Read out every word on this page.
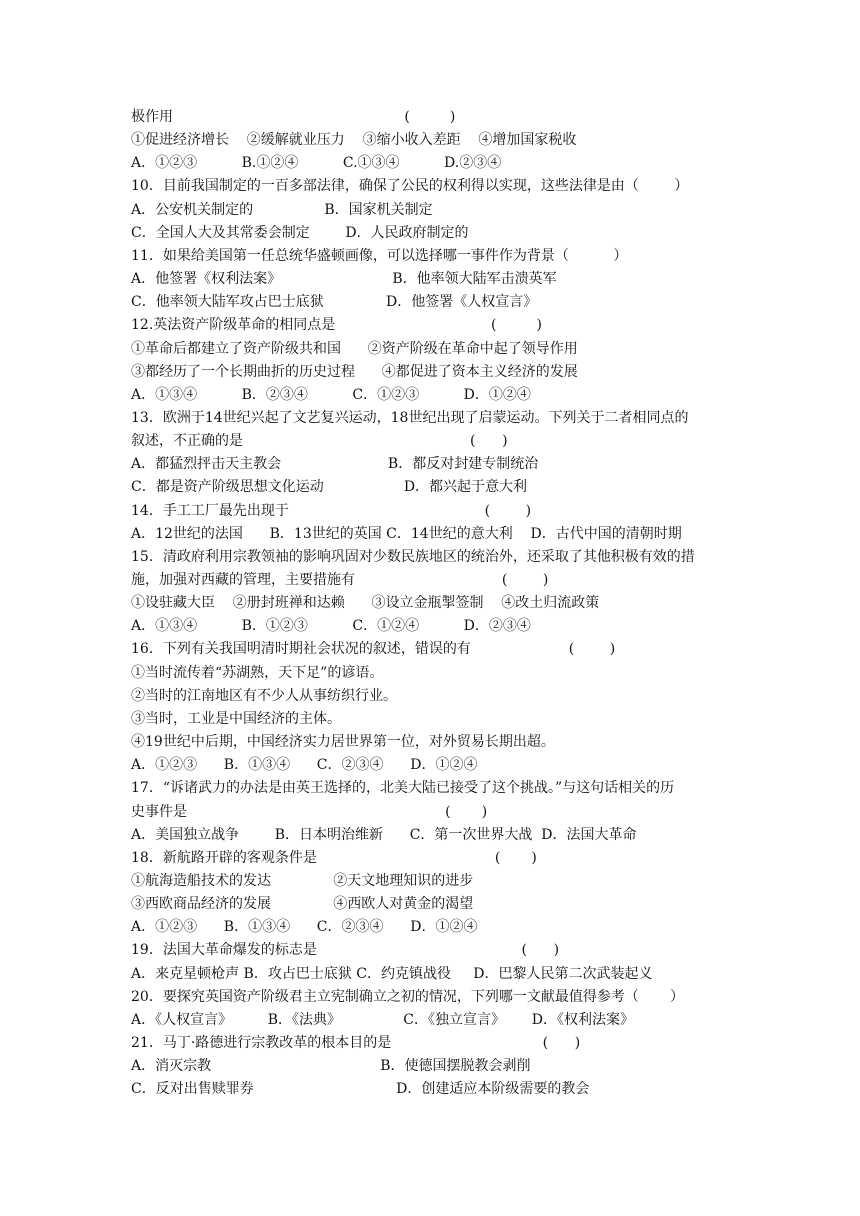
极作用                                                    (         )
①促进经济增长    ②缓解就业压力    ③缩小收入差距    ④增加国家税收
A．①②③          B.①②④          C.①③④          D.②③④
10．目前我国制定的一百多部法律，确保了公民的权利得以实现，这些法律是由（        ）
A．公安机关制定的                B．国家机关制定
C．全国人大及其常委会制定        D．人民政府制定的
11．如果给美国第一任总统华盛顿画像，可以选择哪一事件作为背景（          ）
A．他签署《权利法案》                         B．他率领大陆军击溃英军
C．他率领大陆军攻占巴士底狱              D．他签署《人权宣言》
12.英法资产阶级革命的相同点是                                   (         )
①革命后都建立了资产阶级共和国      ②资产阶级在革命中起了领导作用
③都经历了一个长期曲折的历史过程      ④都促进了资本主义经济的发展
A．①③④          B．②③④          C．①②③          D．①②④
13．欧洲于14世纪兴起了文艺复兴运动，18世纪出现了启蒙运动。下列关于二者相同点的
叙述，不正确的是                                                   (      )
A．都猛烈抨击天主教会                        B．都反对封建专制统治
C．都是资产阶级思想文化运动                  D．都兴起于意大利
14．手工工厂最先出现于                                            (        )
A．12世纪的法国      B．13世纪的英国 C．14世纪的意大利    D．古代中国的清朝时期
15．清政府利用宗教领袖的影响巩固对少数民族地区的统治外，还采取了其他积极有效的措
施，加强对西藏的管理，主要措施有                                 (        )
①设驻藏大臣    ②册封班禅和达赖      ③设立金瓶掣签制    ④改土归流政策
A．①③④          B．①②③          C．①②④          D．②③④
16．下列有关我国明清时期社会状况的叙述，错误的有                      (        )
①当时流传着“苏湖熟，天下足”的谚语。
②当时的江南地区有不少人从事纺织行业。
③当时，工业是中国经济的主体。
④19世纪中后期，中国经济实力居世界第一位，对外贸易长期出超。
A．①②③      B．①③④      C．②③④      D．①②④
17．“诉诸武力的办法是由英王选择的，北美大陆已接受了这个挑战。”与这句话相关的历
史事件是                                                          (       )
A．美国独立战争        B．日本明治维新      C．第一次世界大战  D．法国大革命
18．新航路开辟的客观条件是                                        (       )
①航海造船技术的发达              ②天文地理知识的进步
③西欧商品经济的发展              ④西欧人对黄金的渴望
A．①②③      B．①③④      C．②③④      D．①②④
19．法国大革命爆发的标志是                                              (      )
A．来克星顿枪声 B．攻占巴士底狱 C．约克镇战役     D．巴黎人民第二次武装起义
20．要探究英国资产阶级君主立宪制确立之初的情况，下列哪一文献最值得参考（       ）
A．《人权宣言》        B．《法典》              C．《独立宣言》      D．《权利法案》
21．马丁·路德进行宗教改革的根本目的是                                  (      )
A．消灭宗教                                      B．使德国摆脱教会剥削
C．反对出售赎罪券                                D．创建适应本阶级需要的教会
